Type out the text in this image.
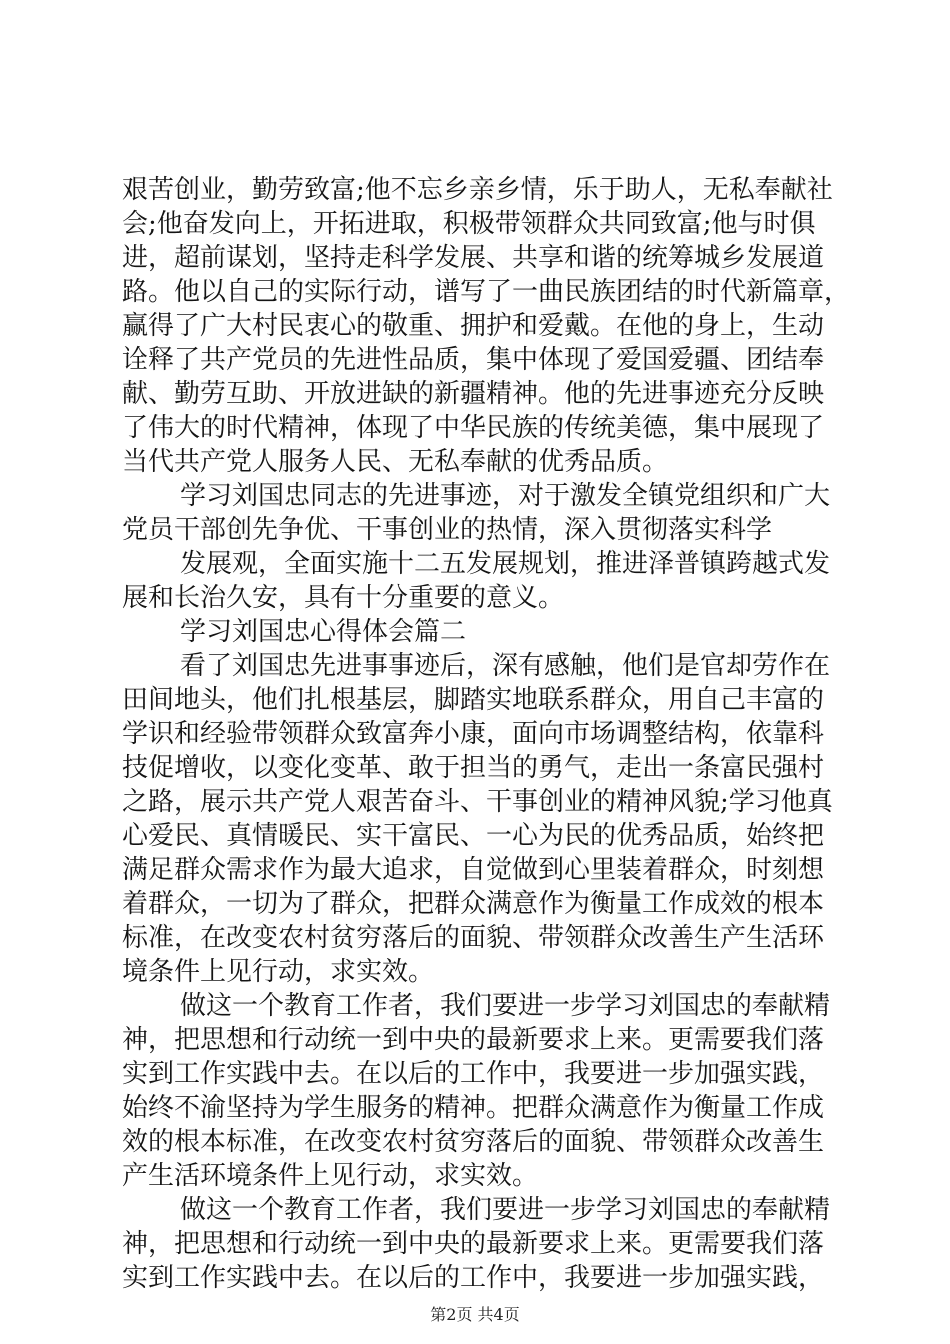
艰苦创业，勤劳致富;他不忘乡亲乡情，乐于助人，无私奉献社
会;他奋发向上，开拓进取，积极带领群众共同致富;他与时俱
进，超前谋划，坚持走科学发展、共享和谐的统筹城乡发展道
路。他以自己的实际行动，谱写了一曲民族团结的时代新篇章，
赢得了广大村民衷心的敬重、拥护和爱戴。在他的身上，生动
诠释了共产党员的先进性品质，集中体现了爱国爱疆、团结奉
献、勤劳互助、开放进缺的新疆精神。他的先进事迹充分反映
了伟大的时代精神，体现了中华民族的传统美德，集中展现了
当代共产党人服务人民、无私奉献的优秀品质。
学习刘国忠同志的先进事迹，对于激发全镇党组织和广大
党员干部创先争优、干事创业的热情，深入贯彻落实科学
发展观，全面实施十二五发展规划，推进泽普镇跨越式发
展和长治久安，具有十分重要的意义。
学习刘国忠心得体会篇二
看了刘国忠先进事事迹后，深有感触，他们是官却劳作在
田间地头，他们扎根基层，脚踏实地联系群众，用自己丰富的
学识和经验带领群众致富奔小康，面向市场调整结构，依靠科
技促增收，以变化变革、敢于担当的勇气，走出一条富民强村
之路，展示共产党人艰苦奋斗、干事创业的精神风貌;学习他真
心爱民、真情暖民、实干富民、一心为民的优秀品质，始终把
满足群众需求作为最大追求，自觉做到心里装着群众，时刻想
着群众，一切为了群众，把群众满意作为衡量工作成效的根本
标准，在改变农村贫穷落后的面貌、带领群众改善生产生活环
境条件上见行动，求实效。
做这一个教育工作者，我们要进一步学习刘国忠的奉献精
神，把思想和行动统一到中央的最新要求上来。更需要我们落
实到工作实践中去。在以后的工作中，我要进一步加强实践，
始终不渝坚持为学生服务的精神。把群众满意作为衡量工作成
效的根本标准，在改变农村贫穷落后的面貌、带领群众改善生
产生活环境条件上见行动，求实效。
做这一个教育工作者，我们要进一步学习刘国忠的奉献精
神，把思想和行动统一到中央的最新要求上来。更需要我们落
实到工作实践中去。在以后的工作中，我要进一步加强实践，
第2页 共4页
